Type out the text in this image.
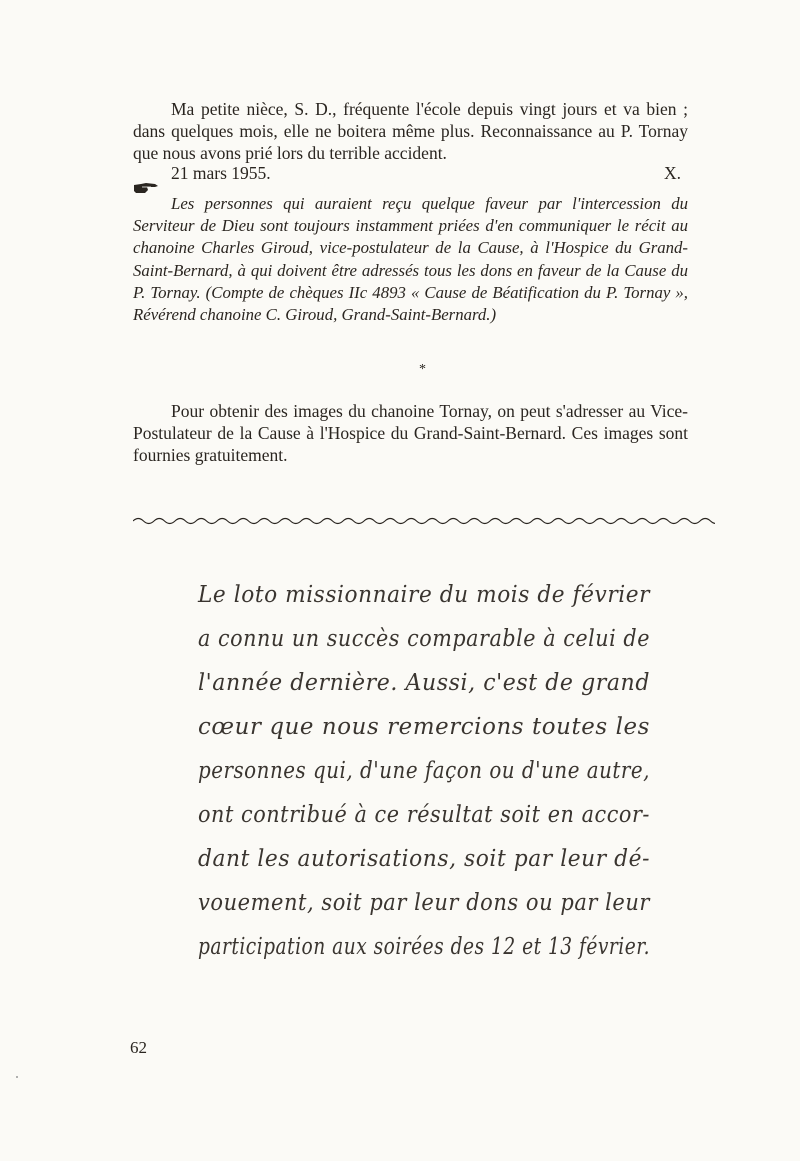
Ma petite nièce, S. D., fréquente l'école depuis vingt jours et va bien ; dans quelques mois, elle ne boitera même plus. Reconnaissance au P. Tornay que nous avons prié lors du terrible accident.

21 mars 1955.	X.

Les personnes qui auraient reçu quelque faveur par l'intercession du Serviteur de Dieu sont toujours instamment priées d'en communiquer le récit au chanoine Charles Giroud, vice-postulateur de la Cause, à l'Hospice du Grand-Saint-Bernard, à qui doivent être adressés tous les dons en faveur de la Cause du P. Tornay. (Compte de chèques IIc 4893 « Cause de Béatification du P. Tornay », Révérend chanoine C. Giroud, Grand-Saint-Bernard.)

*

Pour obtenir des images du chanoine Tornay, on peut s'adresser au Vice-Postulateur de la Cause à l'Hospice du Grand-Saint-Bernard. Ces images sont fournies gratuitement.

Le loto missionnaire du mois de février

a connu un succès comparable à celui de

l'année dernière. Aussi, c'est de grand

cœur que nous remercions toutes les

personnes qui, d'une façon ou d'une autre,

ont contribué à ce résultat soit en accor-

dant les autorisations, soit par leur dé-

vouement, soit par leur dons ou par leur

participation aux soirées des 12 et 13 février.

62
